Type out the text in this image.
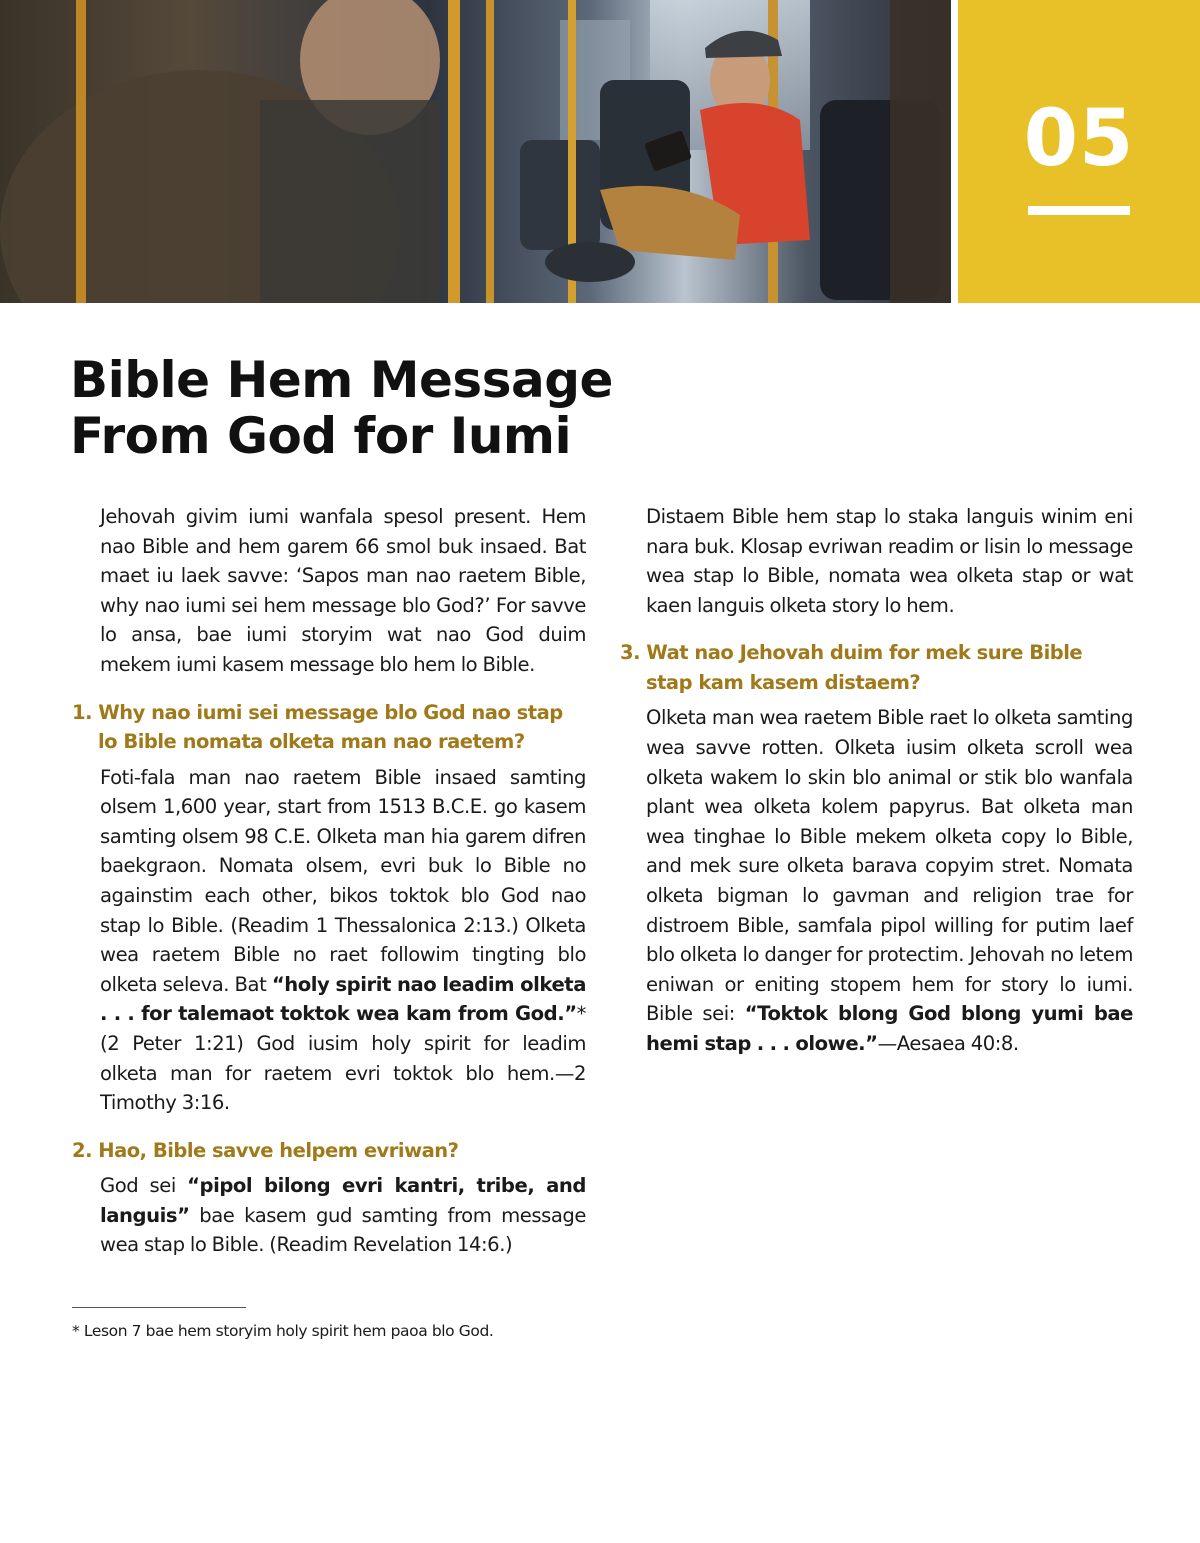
05
Bible Hem Message
From God for Iumi

Jehovah givim iumi wanfala spesol present. Hem nao Bible and hem garem 66 smol buk insaed. Bat maet iu laek savve: ‘Sapos man nao raetem Bible, why nao iumi sei hem message blo God?’ For savve lo ansa, bae iumi storyim wat nao God duim mekem iumi kasem message blo hem lo Bible.

1. Why nao iumi sei message blo God nao stap lo Bible nomata olketa man nao raetem?

Foti-fala man nao raetem Bible insaed samting olsem 1,600 year, start from 1513 B.C.E. go kasem samting olsem 98 C.E. Olketa man hia garem difren baekgraon. Nomata olsem, evri buk lo Bible no againstim each other, bikos toktok blo God nao stap lo Bible. (Readim 1 Thessalonica 2:13.) Olketa wea raetem Bible no raet followim tingting blo olketa seleva. Bat “holy spirit nao leadim olketa . . . for talemaot toktok wea kam from God.”* (2 Peter 1:21) God iusim holy spirit for leadim olketa man for raetem evri toktok blo hem.—2 Timothy 3:16.

2. Hao, Bible savve helpem evriwan?

God sei “pipol bilong evri kantri, tribe, and languis” bae kasem gud samting from message wea stap lo Bible. (Readim Revelation 14:6.)

Distaem Bible hem stap lo staka languis winim eni nara buk. Klosap evriwan readim or lisin lo message wea stap lo Bible, nomata wea olketa stap or wat kaen languis olketa story lo hem.

3. Wat nao Jehovah duim for mek sure Bible stap kam kasem distaem?

Olketa man wea raetem Bible raet lo olketa samting wea savve rotten. Olketa iusim olketa scroll wea olketa wakem lo skin blo animal or stik blo wanfala plant wea olketa kolem papyrus. Bat olketa man wea tinghae lo Bible mekem olketa copy lo Bible, and mek sure olketa barava copyim stret. Nomata olketa bigman lo gavman and religion trae for distroem Bible, samfala pipol willing for putim laef blo olketa lo danger for protectim. Jehovah no letem eniwan or eniting stopem hem for story lo iumi. Bible sei: “Toktok blong God blong yumi bae hemi stap . . . olowe.”—Aesaea 40:8.

* Leson 7 bae hem storyim holy spirit hem paoa blo God.
